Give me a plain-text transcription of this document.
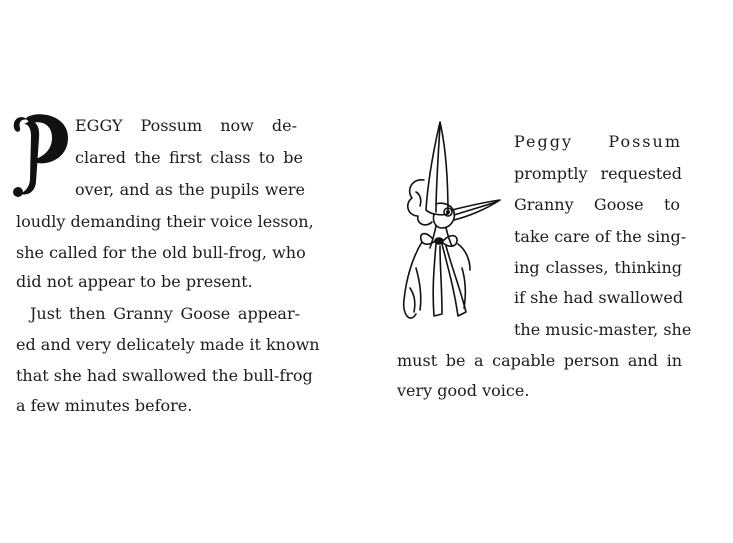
EGGY Possum now de-
clared the first class to be
over, and as the pupils were
loudly demanding their voice lesson,
she called for the old bull-frog, who
did not appear to be present.
Just then Granny Goose appear-
ed and very delicately made it known
that she had swallowed the bull-frog
a few minutes before.
Peggy Possum
promptly requested
Granny Goose to
take care of the sing-
ing classes, thinking
if she had swallowed
the music-master, she
must be a capable person and in
very good voice.
